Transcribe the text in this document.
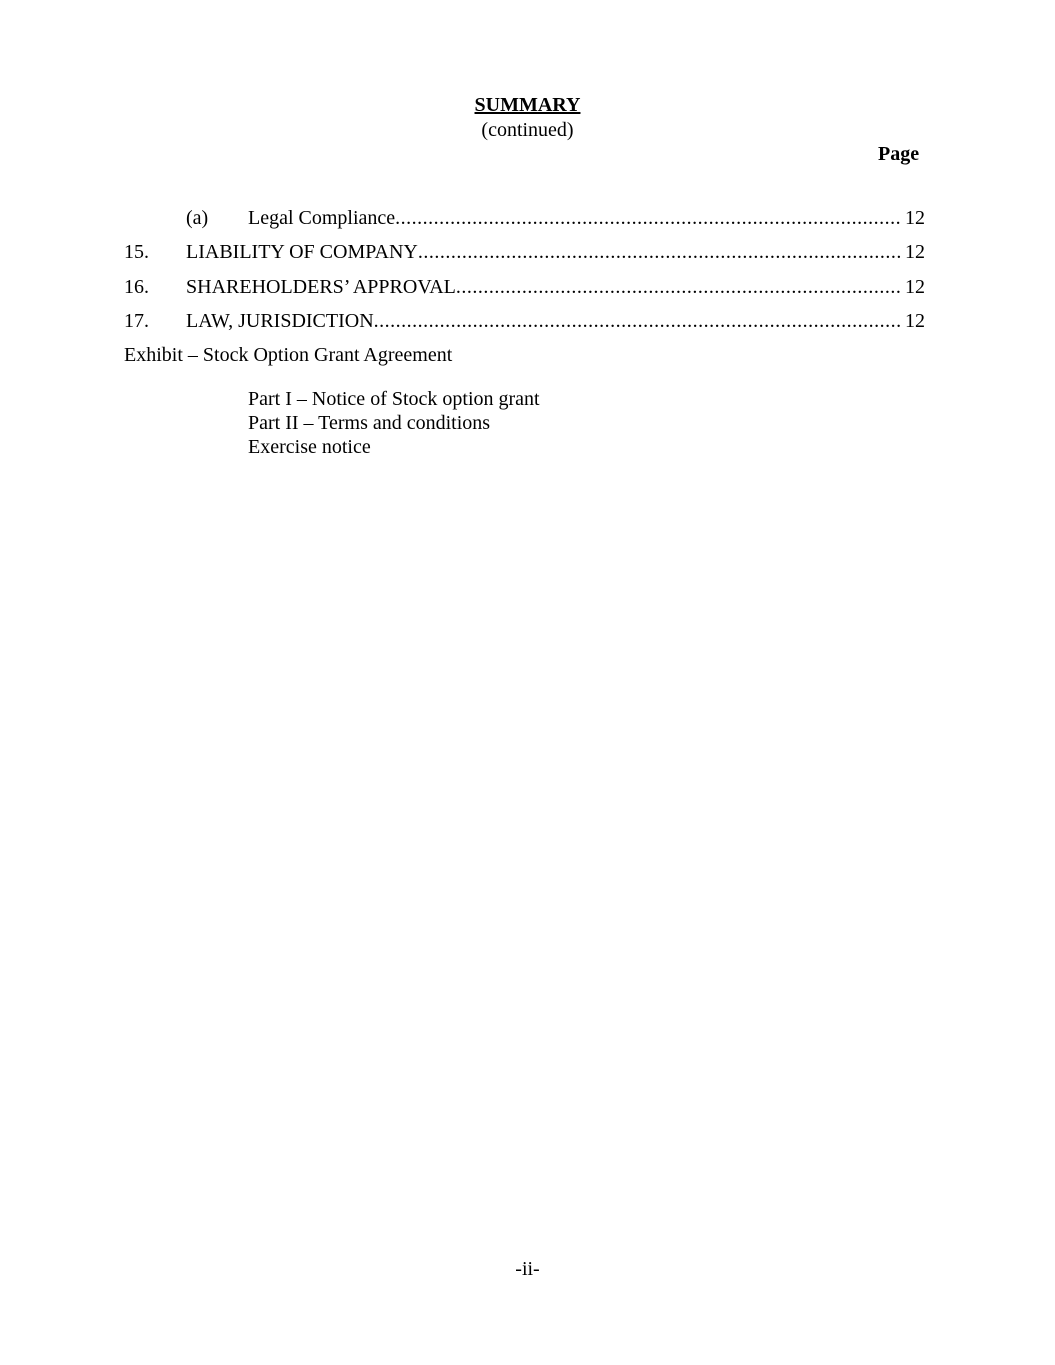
SUMMARY
(continued)
Page
(a) Legal Compliance .....	12
15. LIABILITY OF COMPANY .....	12
16. SHAREHOLDERS’ APPROVAL .....	12
17. LAW, JURISDICTION .....	12
Exhibit – Stock Option Grant Agreement
Part I – Notice of Stock option grant
Part II – Terms and conditions
Exercise notice
-ii-
